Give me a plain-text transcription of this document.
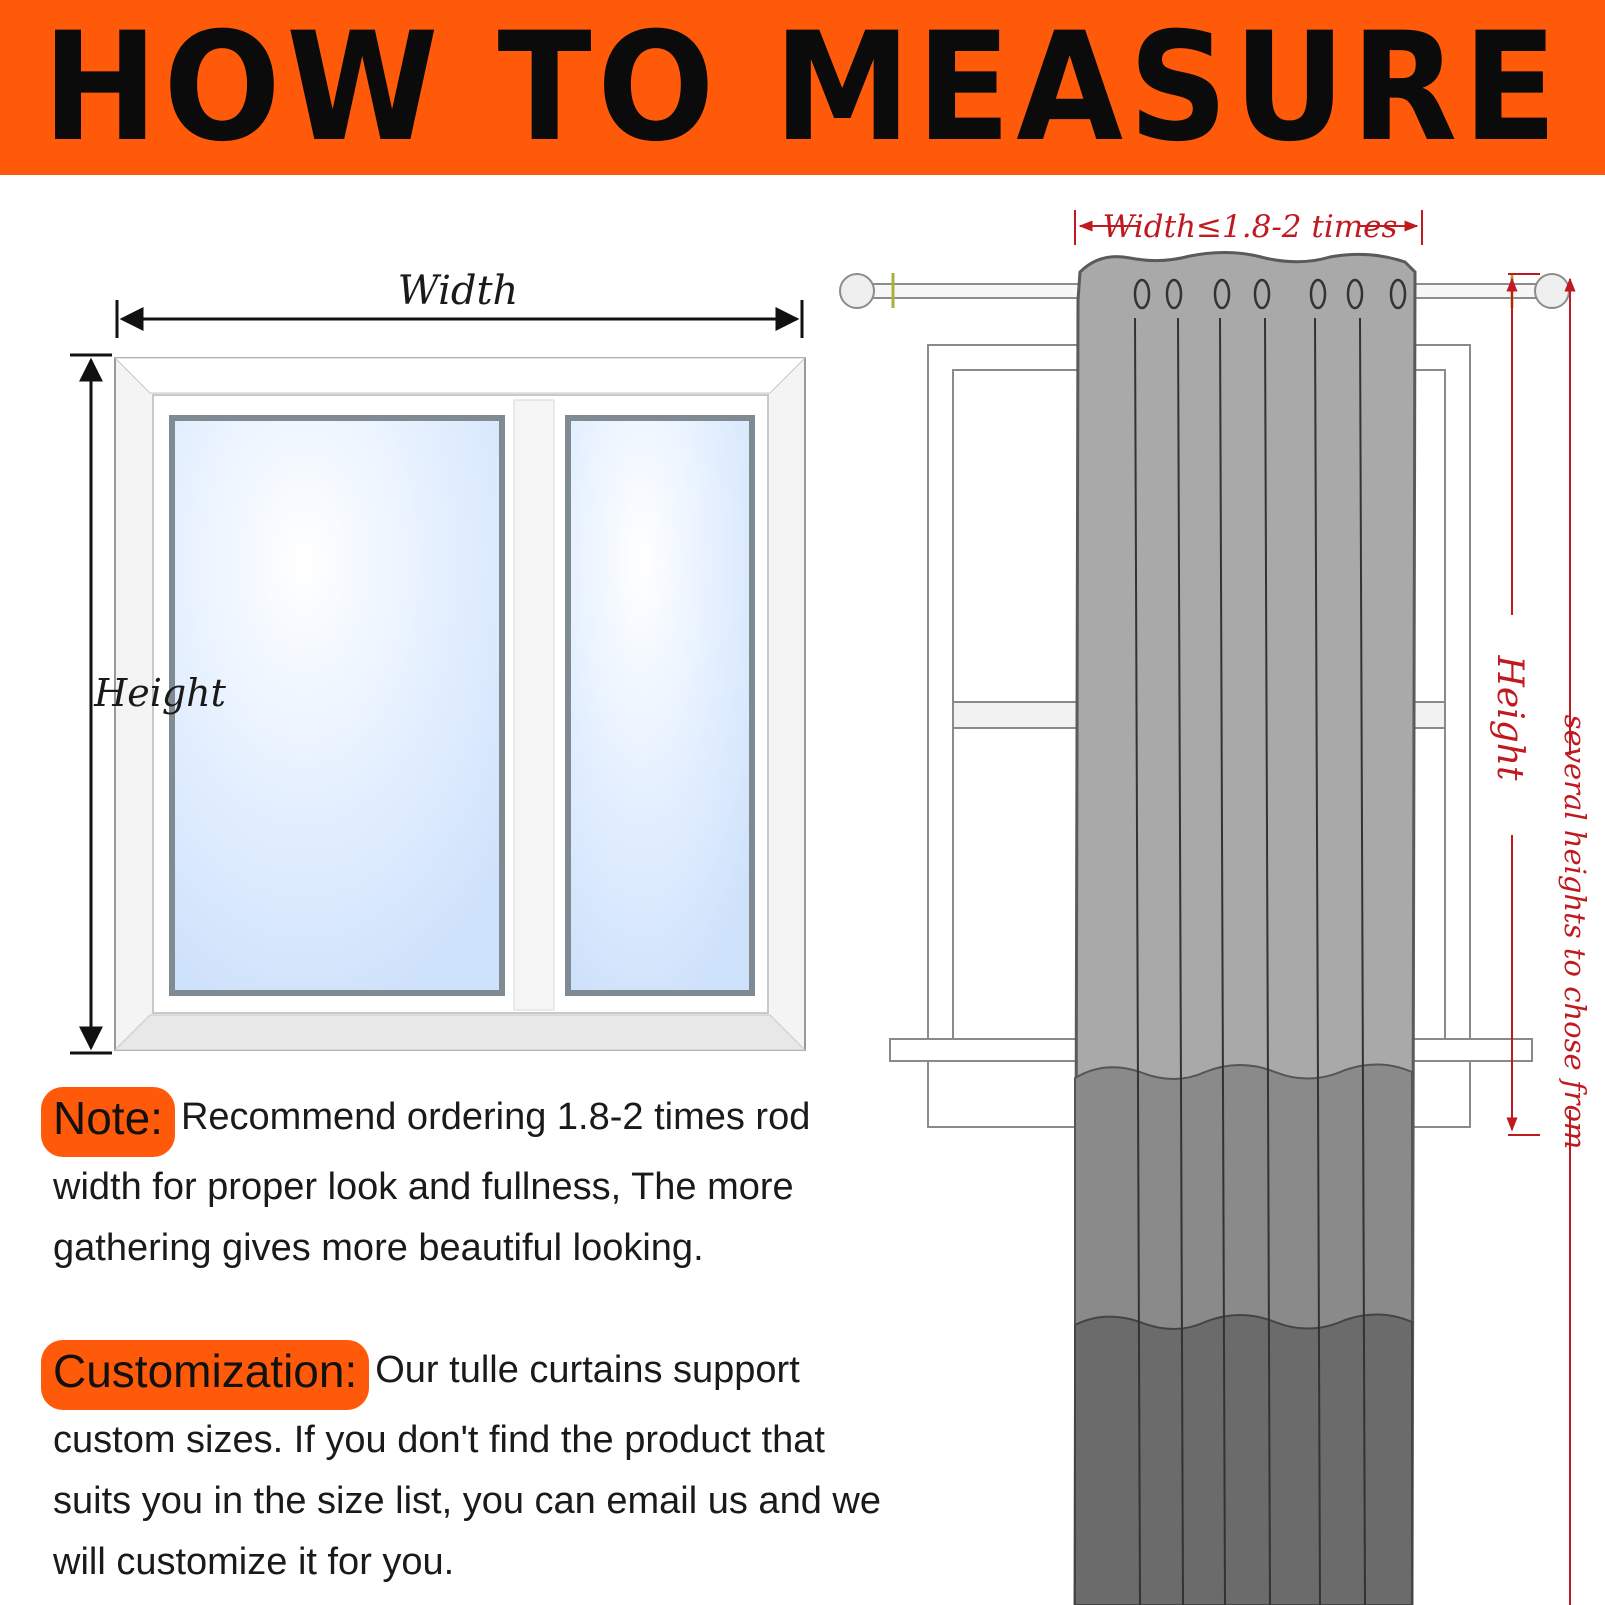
HOW TO MEASURE
Width
Height
Width≤1.8-2 times
Height several heights to chose from
Note: Recommend ordering 1.8-2 times rod width for proper look and fullness, The more gathering gives more beautiful looking.
Customization: Our tulle curtains support custom sizes. If you don't find the product that suits you in the size list, you can email us and we will customize it for you.
